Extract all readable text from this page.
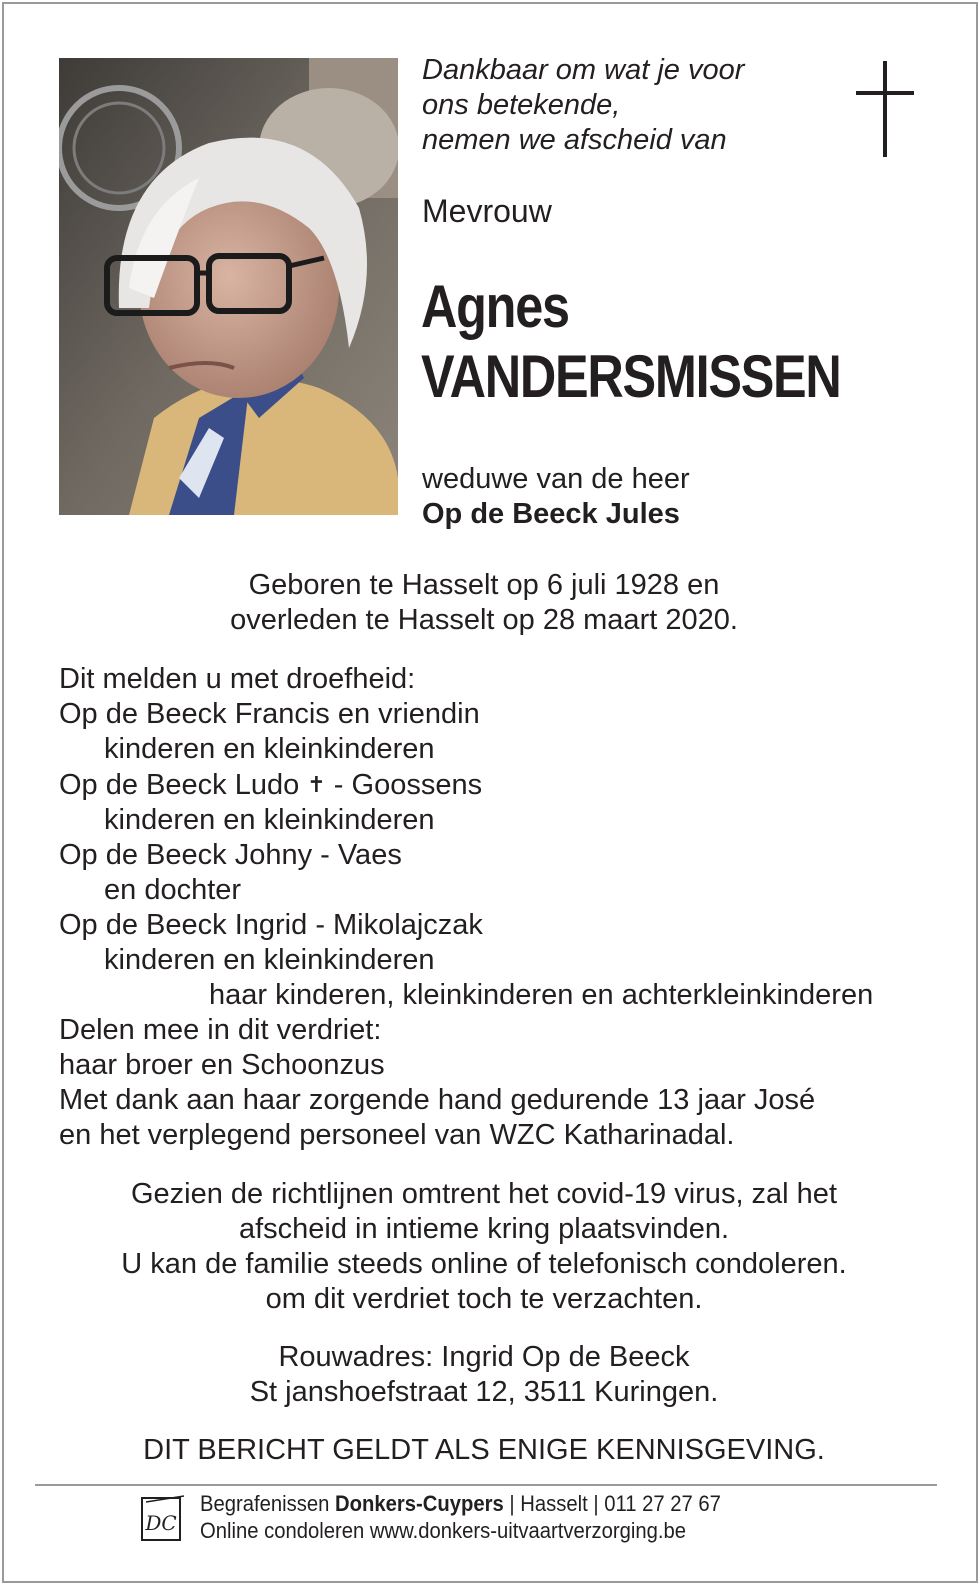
Dankbaar om wat je voor
ons betekende,
nemen we afscheid van
Mevrouw
Agnes
VANDERSMISSEN
weduwe van de heer
Op de Beeck Jules
Geboren te Hasselt op 6 juli 1928 en
overleden te Hasselt op 28 maart 2020.
Dit melden u met droefheid:
Op de Beeck Francis en vriendin
kinderen en kleinkinderen
Op de Beeck Ludo ✝ - Goossens
kinderen en kleinkinderen
Op de Beeck Johny - Vaes
en dochter
Op de Beeck Ingrid - Mikolajczak
kinderen en kleinkinderen
haar kinderen, kleinkinderen en achterkleinkinderen
Delen mee in dit verdriet:
haar broer en Schoonzus
Met dank aan haar zorgende hand gedurende 13 jaar José
en het verplegend personeel van WZC Katharinadal.
Gezien de richtlijnen omtrent het covid-19 virus, zal het
afscheid in intieme kring plaatsvinden.
U kan de familie steeds online of telefonisch condoleren.
om dit verdriet toch te verzachten.
Rouwadres: Ingrid Op de Beeck
St janshoefstraat 12, 3511 Kuringen.
DIT BERICHT GELDT ALS ENIGE KENNISGEVING.
DC
Begrafenissen Donkers-Cuypers | Hasselt | 011 27 27 67
Online condoleren www.donkers-uitvaartverzorging.be
